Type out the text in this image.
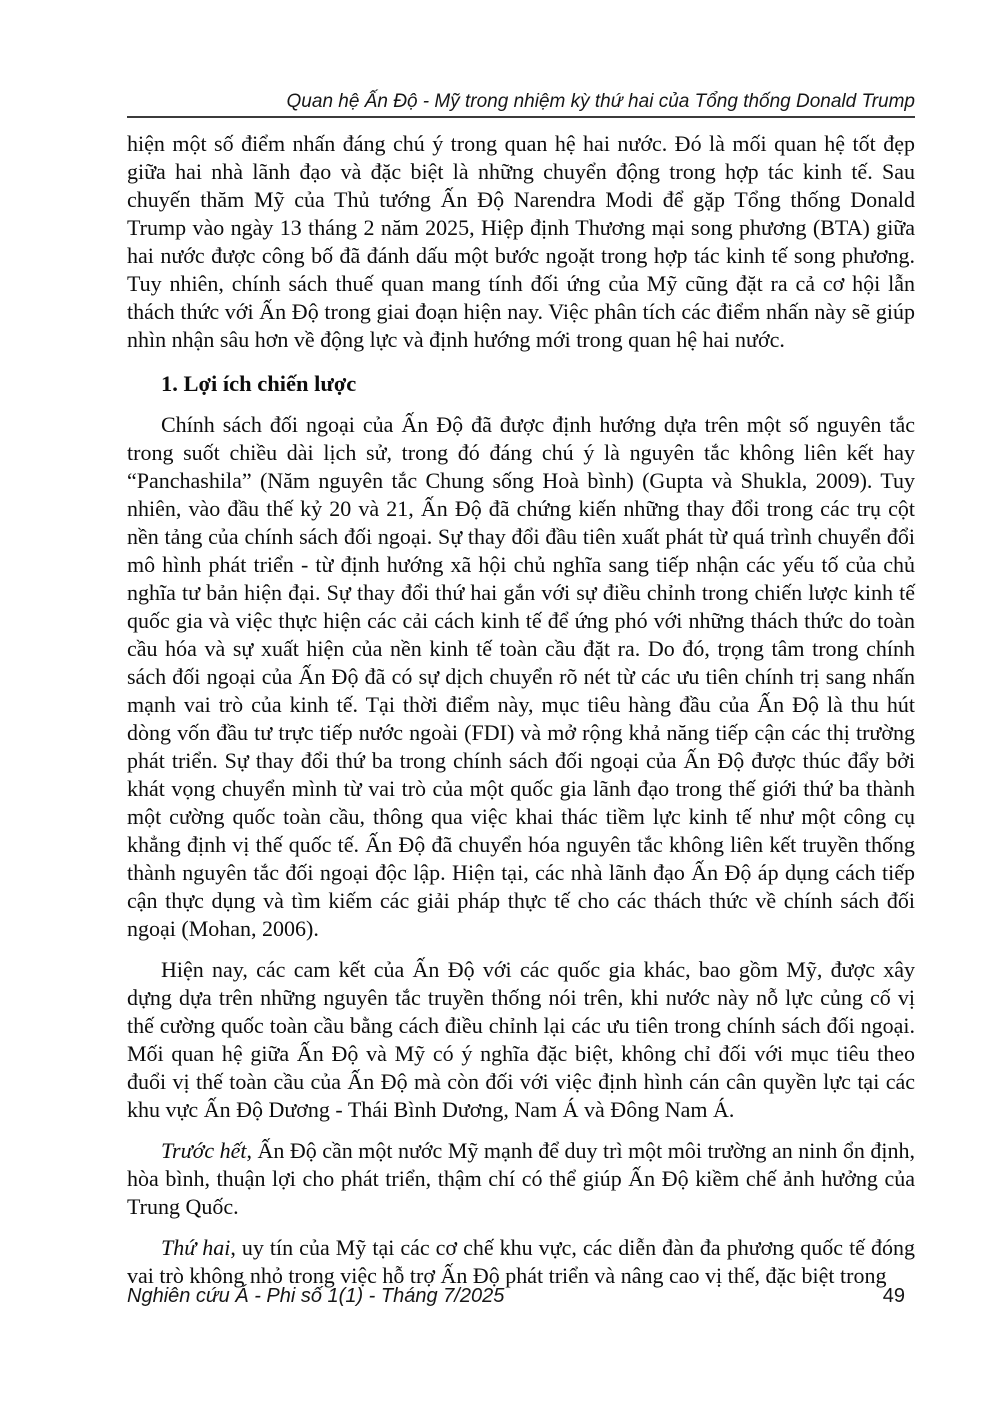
Quan hệ Ấn Độ - Mỹ trong nhiệm kỳ thứ hai của Tổng thống Donald Trump

hiện một số điểm nhấn đáng chú ý trong quan hệ hai nước. Đó là mối quan hệ tốt đẹp giữa hai nhà lãnh đạo và đặc biệt là những chuyển động trong hợp tác kinh tế. Sau chuyến thăm Mỹ của Thủ tướng Ấn Độ Narendra Modi để gặp Tổng thống Donald Trump vào ngày 13 tháng 2 năm 2025, Hiệp định Thương mại song phương (BTA) giữa hai nước được công bố đã đánh dấu một bước ngoặt trong hợp tác kinh tế song phương. Tuy nhiên, chính sách thuế quan mang tính đối ứng của Mỹ cũng đặt ra cả cơ hội lẫn thách thức với Ấn Độ trong giai đoạn hiện nay. Việc phân tích các điểm nhấn này sẽ giúp nhìn nhận sâu hơn về động lực và định hướng mới trong quan hệ hai nước.

1. Lợi ích chiến lược

Chính sách đối ngoại của Ấn Độ đã được định hướng dựa trên một số nguyên tắc trong suốt chiều dài lịch sử, trong đó đáng chú ý là nguyên tắc không liên kết hay “Panchashila” (Năm nguyên tắc Chung sống Hoà bình) (Gupta và Shukla, 2009). Tuy nhiên, vào đầu thế kỷ 20 và 21, Ấn Độ đã chứng kiến những thay đổi trong các trụ cột nền tảng của chính sách đối ngoại. Sự thay đổi đầu tiên xuất phát từ quá trình chuyển đổi mô hình phát triển - từ định hướng xã hội chủ nghĩa sang tiếp nhận các yếu tố của chủ nghĩa tư bản hiện đại. Sự thay đổi thứ hai gắn với sự điều chỉnh trong chiến lược kinh tế quốc gia và việc thực hiện các cải cách kinh tế để ứng phó với những thách thức do toàn cầu hóa và sự xuất hiện của nền kinh tế toàn cầu đặt ra. Do đó, trọng tâm trong chính sách đối ngoại của Ấn Độ đã có sự dịch chuyển rõ nét từ các ưu tiên chính trị sang nhấn mạnh vai trò của kinh tế. Tại thời điểm này, mục tiêu hàng đầu của Ấn Độ là thu hút dòng vốn đầu tư trực tiếp nước ngoài (FDI) và mở rộng khả năng tiếp cận các thị trường phát triển. Sự thay đổi thứ ba trong chính sách đối ngoại của Ấn Độ được thúc đẩy bởi khát vọng chuyển mình từ vai trò của một quốc gia lãnh đạo trong thế giới thứ ba thành một cường quốc toàn cầu, thông qua việc khai thác tiềm lực kinh tế như một công cụ khẳng định vị thế quốc tế. Ấn Độ đã chuyển hóa nguyên tắc không liên kết truyền thống thành nguyên tắc đối ngoại độc lập. Hiện tại, các nhà lãnh đạo Ấn Độ áp dụng cách tiếp cận thực dụng và tìm kiếm các giải pháp thực tế cho các thách thức về chính sách đối ngoại (Mohan, 2006).

Hiện nay, các cam kết của Ấn Độ với các quốc gia khác, bao gồm Mỹ, được xây dựng dựa trên những nguyên tắc truyền thống nói trên, khi nước này nỗ lực củng cố vị thế cường quốc toàn cầu bằng cách điều chỉnh lại các ưu tiên trong chính sách đối ngoại. Mối quan hệ giữa Ấn Độ và Mỹ có ý nghĩa đặc biệt, không chỉ đối với mục tiêu theo đuổi vị thế toàn cầu của Ấn Độ mà còn đối với việc định hình cán cân quyền lực tại các khu vực Ấn Độ Dương - Thái Bình Dương, Nam Á và Đông Nam Á.

Trước hết, Ấn Độ cần một nước Mỹ mạnh để duy trì một môi trường an ninh ổn định, hòa bình, thuận lợi cho phát triển, thậm chí có thể giúp Ấn Độ kiềm chế ảnh hưởng của Trung Quốc.

Thứ hai, uy tín của Mỹ tại các cơ chế khu vực, các diễn đàn đa phương quốc tế đóng vai trò không nhỏ trong việc hỗ trợ Ấn Độ phát triển và nâng cao vị thế, đặc biệt trong

Nghiên cứu Á - Phi số 1(1) - Tháng 7/2025	49
